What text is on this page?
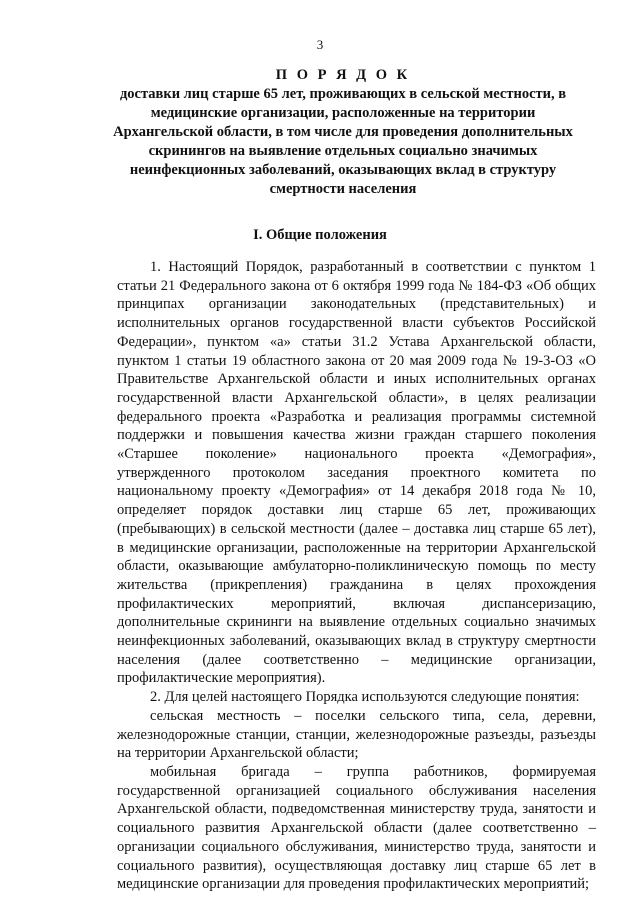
3

П О Р Я Д О К

доставки лиц старше 65 лет, проживающих в сельской местности, в медицинские организации, расположенные на территории Архангельской области, в том числе для проведения дополнительных скринингов на выявление отдельных социально значимых неинфекционных заболеваний, оказывающих вклад в структуру смертности населения

I. Общие положения

1. Настоящий Порядок, разработанный в соответствии с пунктом 1 статьи 21 Федерального закона от 6 октября 1999 года № 184-ФЗ «Об общих принципах организации законодательных (представительных) и исполнительных органов государственной власти субъектов Российской Федерации», пунктом «а» статьи 31.2 Устава Архангельской области, пунктом 1 статьи 19 областного закона от 20 мая 2009 года № 19-3-ОЗ «О Правительстве Архангельской области и иных исполнительных органах государственной власти Архангельской области», в целях реализации федерального проекта «Разработка и реализация программы системной поддержки и повышения качества жизни граждан старшего поколения «Старшее поколение» национального проекта «Демография», утвержденного протоколом заседания проектного комитета по национальному проекту «Демография» от 14 декабря 2018 года № 10, определяет порядок доставки лиц старше 65 лет, проживающих (пребывающих) в сельской местности (далее – доставка лиц старше 65 лет), в медицинские организации, расположенные на территории Архангельской области, оказывающие амбулаторно-поликлиническую помощь по месту жительства (прикрепления) гражданина в целях прохождения профилактических мероприятий, включая диспансеризацию, дополнительные скрининги на выявление отдельных социально значимых неинфекционных заболеваний, оказывающих вклад в структуру смертности населения (далее соответственно – медицинские организации, профилактические мероприятия).

2. Для целей настоящего Порядка используются следующие понятия:

сельская местность – поселки сельского типа, села, деревни, железнодорожные станции, станции, железнодорожные разъезды, разъезды на территории Архангельской области;

мобильная бригада – группа работников, формируемая государственной организацией социального обслуживания населения Архангельской области, подведомственная министерству труда, занятости и социального развития Архангельской области (далее соответственно – организации социального обслуживания, министерство труда, занятости и социального развития), осуществляющая доставку лиц старше 65 лет в медицинские организации для проведения профилактических мероприятий;
